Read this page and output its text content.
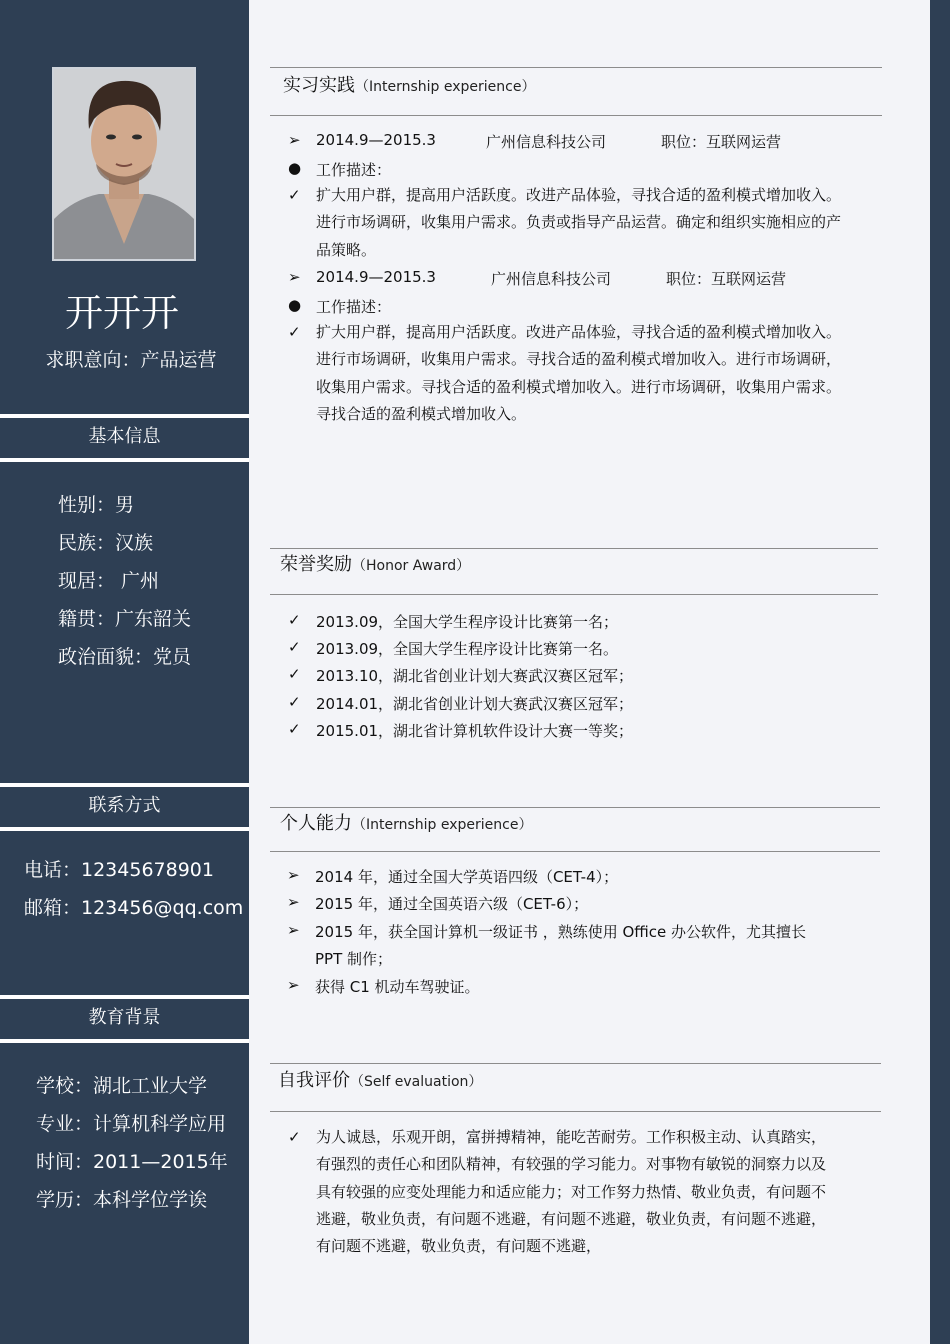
开开开
求职意向：产品运营
基本信息
性别：男
民族：汉族
现居： 广州
籍贯：广东韶关
政治面貌：党员
联系方式
电话：12345678901
邮箱：123456@qq.com
教育背景
学校：湖北工业大学
专业：计算机科学应用
时间：2011—2015年
学历：本科学位学诶
实习实践（Internship experience）
➢	2014.9—2015.3	广州信息科技公司	职位：互联网运营
● 工作描述：
✓	扩大用户群，提高用户活跃度。改进产品体验，寻找合适的盈利模式增加收入。
进行市场调研，收集用户需求。负责或指导产品运营。确定和组织实施相应的产
品策略。
➢	2014.9—2015.3	广州信息科技公司	职位：互联网运营
● 工作描述：
✓	扩大用户群，提高用户活跃度。改进产品体验，寻找合适的盈利模式增加收入。
进行市场调研，收集用户需求。寻找合适的盈利模式增加收入。进行市场调研，
收集用户需求。寻找合适的盈利模式增加收入。进行市场调研，收集用户需求。
寻找合适的盈利模式增加收入。
荣誉奖励（Honor Award）
✓	2013.09，全国大学生程序设计比赛第一名；
✓	2013.09，全国大学生程序设计比赛第一名。
✓	2013.10，湖北省创业计划大赛武汉赛区冠军；
✓	2014.01，湖北省创业计划大赛武汉赛区冠军；
✓	2015.01，湖北省计算机软件设计大赛一等奖；
个人能力（Internship experience）
➢	2014 年，通过全国大学英语四级（CET-4）；
➢	2015 年，通过全国英语六级（CET-6）；
➢	2015 年，获全国计算机一级证书 ，熟练使用 Office 办公软件，尤其擅长
PPT 制作；
➢	获得 C1 机动车驾驶证。
自我评价（Self evaluation）
✓	为人诚恳，乐观开朗，富拼搏精神，能吃苦耐劳。工作积极主动、认真踏实，
有强烈的责任心和团队精神，有较强的学习能力。对事物有敏锐的洞察力以及
具有较强的应变处理能力和适应能力；对工作努力热情、敬业负责，有问题不
逃避，敬业负责，有问题不逃避，有问题不逃避，敬业负责，有问题不逃避，
有问题不逃避，敬业负责，有问题不逃避，
